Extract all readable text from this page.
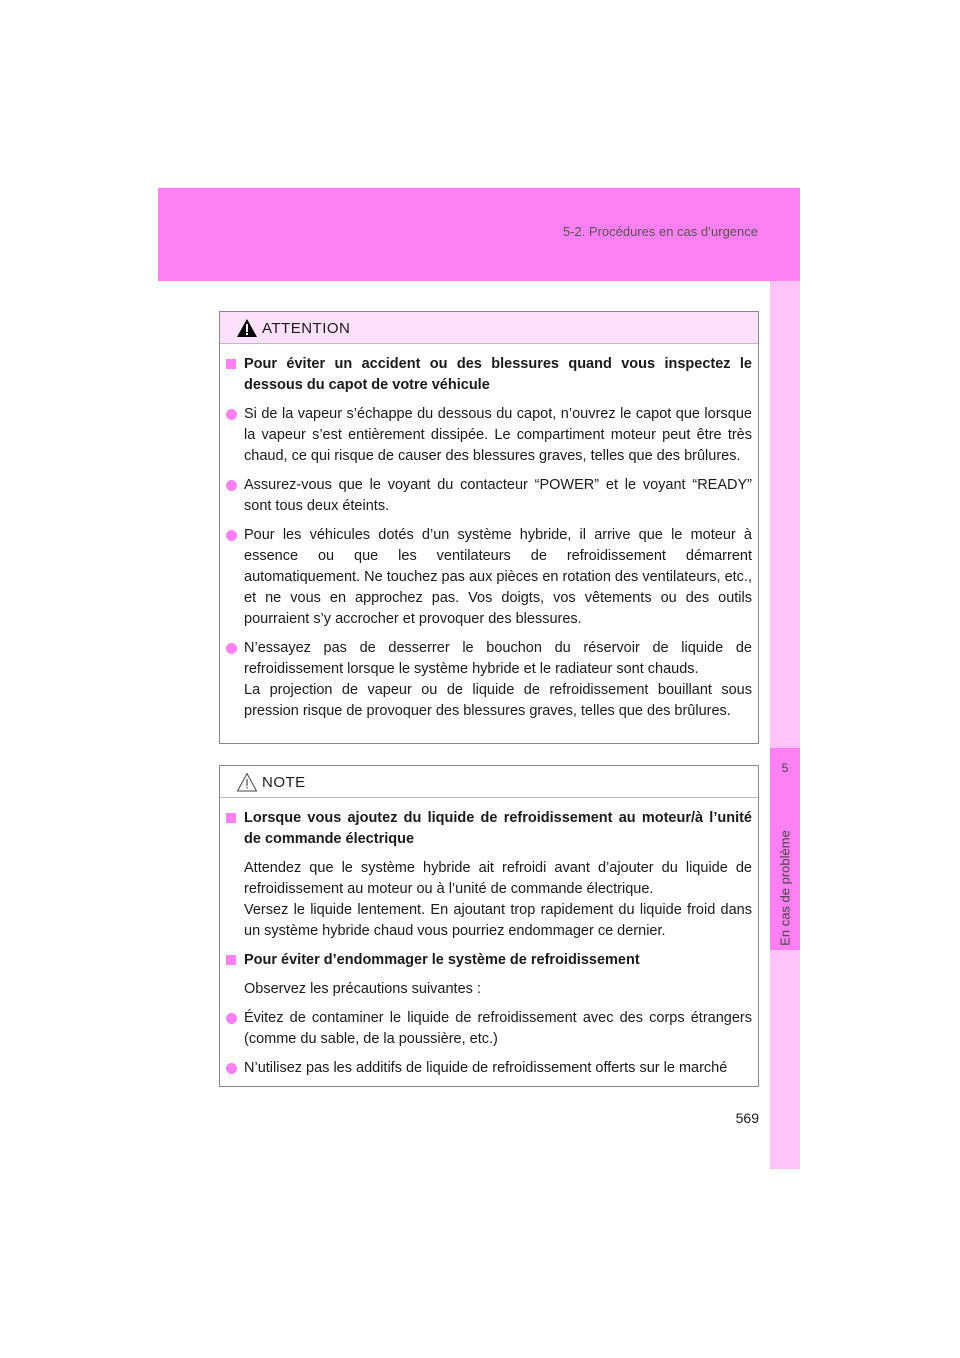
5-2. Procédures en cas d’urgence
5
En cas de problème
ATTENTION
Pour éviter un accident ou des blessures quand vous inspectez le dessous du capot de votre véhicule
Si de la vapeur s’échappe du dessous du capot, n’ouvrez le capot que lorsque la vapeur s’est entièrement dissipée. Le compartiment moteur peut être très chaud, ce qui risque de causer des blessures graves, telles que des brûlures.
Assurez-vous que le voyant du contacteur “POWER” et le voyant “READY” sont tous deux éteints.
Pour les véhicules dotés d’un système hybride, il arrive que le moteur à essence ou que les ventilateurs de refroidissement démarrent automatiquement. Ne touchez pas aux pièces en rotation des ventilateurs, etc., et ne vous en approchez pas. Vos doigts, vos vêtements ou des outils pourraient s’y accrocher et provoquer des blessures.
N’essayez pas de desserrer le bouchon du réservoir de liquide de refroidissement lorsque le système hybride et le radiateur sont chauds.
La projection de vapeur ou de liquide de refroidissement bouillant sous pression risque de provoquer des blessures graves, telles que des brûlures.
NOTE
Lorsque vous ajoutez du liquide de refroidissement au moteur/à l’unité de commande électrique
Attendez que le système hybride ait refroidi avant d’ajouter du liquide de refroidissement au moteur ou à l’unité de commande électrique.
Versez le liquide lentement. En ajoutant trop rapidement du liquide froid dans un système hybride chaud vous pourriez endommager ce dernier.
Pour éviter d’endommager le système de refroidissement
Observez les précautions suivantes :
Évitez de contaminer le liquide de refroidissement avec des corps étrangers (comme du sable, de la poussière, etc.)
N’utilisez pas les additifs de liquide de refroidissement offerts sur le marché
569
